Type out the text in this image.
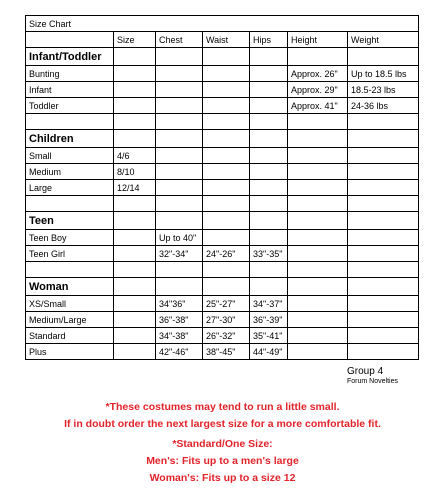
Size Chart						
	Size	Chest	Waist	Hips	Height	Weight
Infant/Toddler						
Bunting					Approx. 26"	Up to 18.5 lbs
Infant					Approx. 29"	18.5-23 lbs
Toddler					Approx. 41"	24-36 lbs

Children						
Small	4/6					
Medium	8/10					
Large	12/14					

Teen						
Teen Boy		Up to 40"				
Teen Girl		32"-34"	24"-26"	33"-35"		

Woman						
XS/Small		34"36"	25"-27"	34"-37"		
Medium/Large		36"-38"	27"-30"	36"-39"		
Standard		34"-38"	26"-32"	35"-41"		
Plus		42"-46"	38"-45"	44"-49"		
Group 4
Forum Novelties
*These costumes may tend to run a little small.
If in doubt order the next largest size for a more comfortable fit.
*Standard/One Size:
Men's: Fits up to a men's large
Woman's: Fits up to a size 12
